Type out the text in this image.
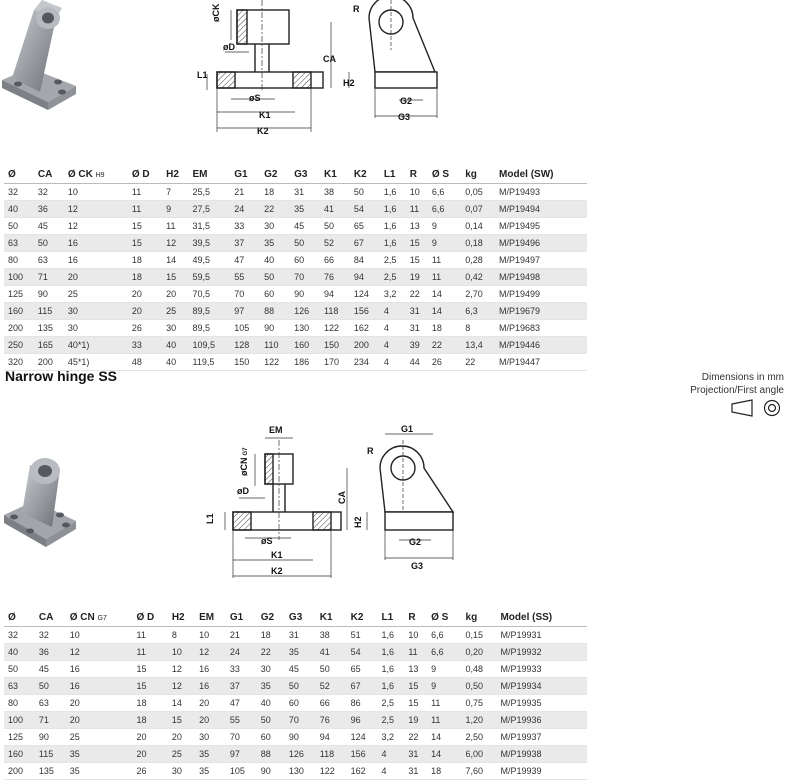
øCK
øD
L1
øS
K1
K2
R
CA
H2
G2
G3
Ø	CA	Ø CK H9	Ø D	H2	EM	G1	G2	G3	K1	K2	L1	R	Ø S	kg	Model (SW)
32	32	10	11	7	25,5	21	18	31	38	50	1,6	10	6,6	0,05	M/P19493
40	36	12	11	9	27,5	24	22	35	41	54	1,6	11	6,6	0,07	M/P19494
50	45	12	15	11	31,5	33	30	45	50	65	1,6	13	9	0,14	M/P19495
63	50	16	15	12	39,5	37	35	50	52	67	1,6	15	9	0,18	M/P19496
80	63	16	18	14	49,5	47	40	60	66	84	2,5	15	11	0,28	M/P19497
100	71	20	18	15	59,5	55	50	70	76	94	2,5	19	11	0,42	M/P19498
125	90	25	20	20	70,5	70	60	90	94	124	3,2	22	14	2,70	M/P19499
160	115	30	20	25	89,5	97	88	126	118	156	4	31	14	6,3	M/P19679
200	135	30	26	30	89,5	105	90	130	122	162	4	31	18	8	M/P19683
250	165	40*1)	33	40	109,5	128	110	160	150	200	4	39	22	13,4	M/P19446
320	200	45*1)	48	40	119,5	150	122	186	170	234	4	44	26	22	M/P19447
Narrow hinge SS	Dimensions in mm
Projection/First angle
EM
øCNG7
øD
L1
øS
K1
K2
R
G1
CA
H2
G2
G3
Ø	CA	Ø CN G7	Ø D	H2	EM	G1	G2	G3	K1	K2	L1	R	Ø S	kg	Model (SS)
32	32	10	11	8	10	21	18	31	38	51	1,6	10	6,6	0,15	M/P19931
40	36	12	11	10	12	24	22	35	41	54	1,6	11	6,6	0,20	M/P19932
50	45	16	15	12	16	33	30	45	50	65	1,6	13	9	0,48	M/P19933
63	50	16	15	12	16	37	35	50	52	67	1,6	15	9	0,50	M/P19934
80	63	20	18	14	20	47	40	60	66	86	2,5	15	11	0,75	M/P19935
100	71	20	18	15	20	55	50	70	76	96	2,5	19	11	1,20	M/P19936
125	90	25	20	20	30	70	60	90	94	124	3,2	22	14	2,50	M/P19937
160	115	35	20	25	35	97	88	126	118	156	4	31	14	6,00	M/P19938
200	135	35	26	30	35	105	90	130	122	162	4	31	18	7,60	M/P19939
